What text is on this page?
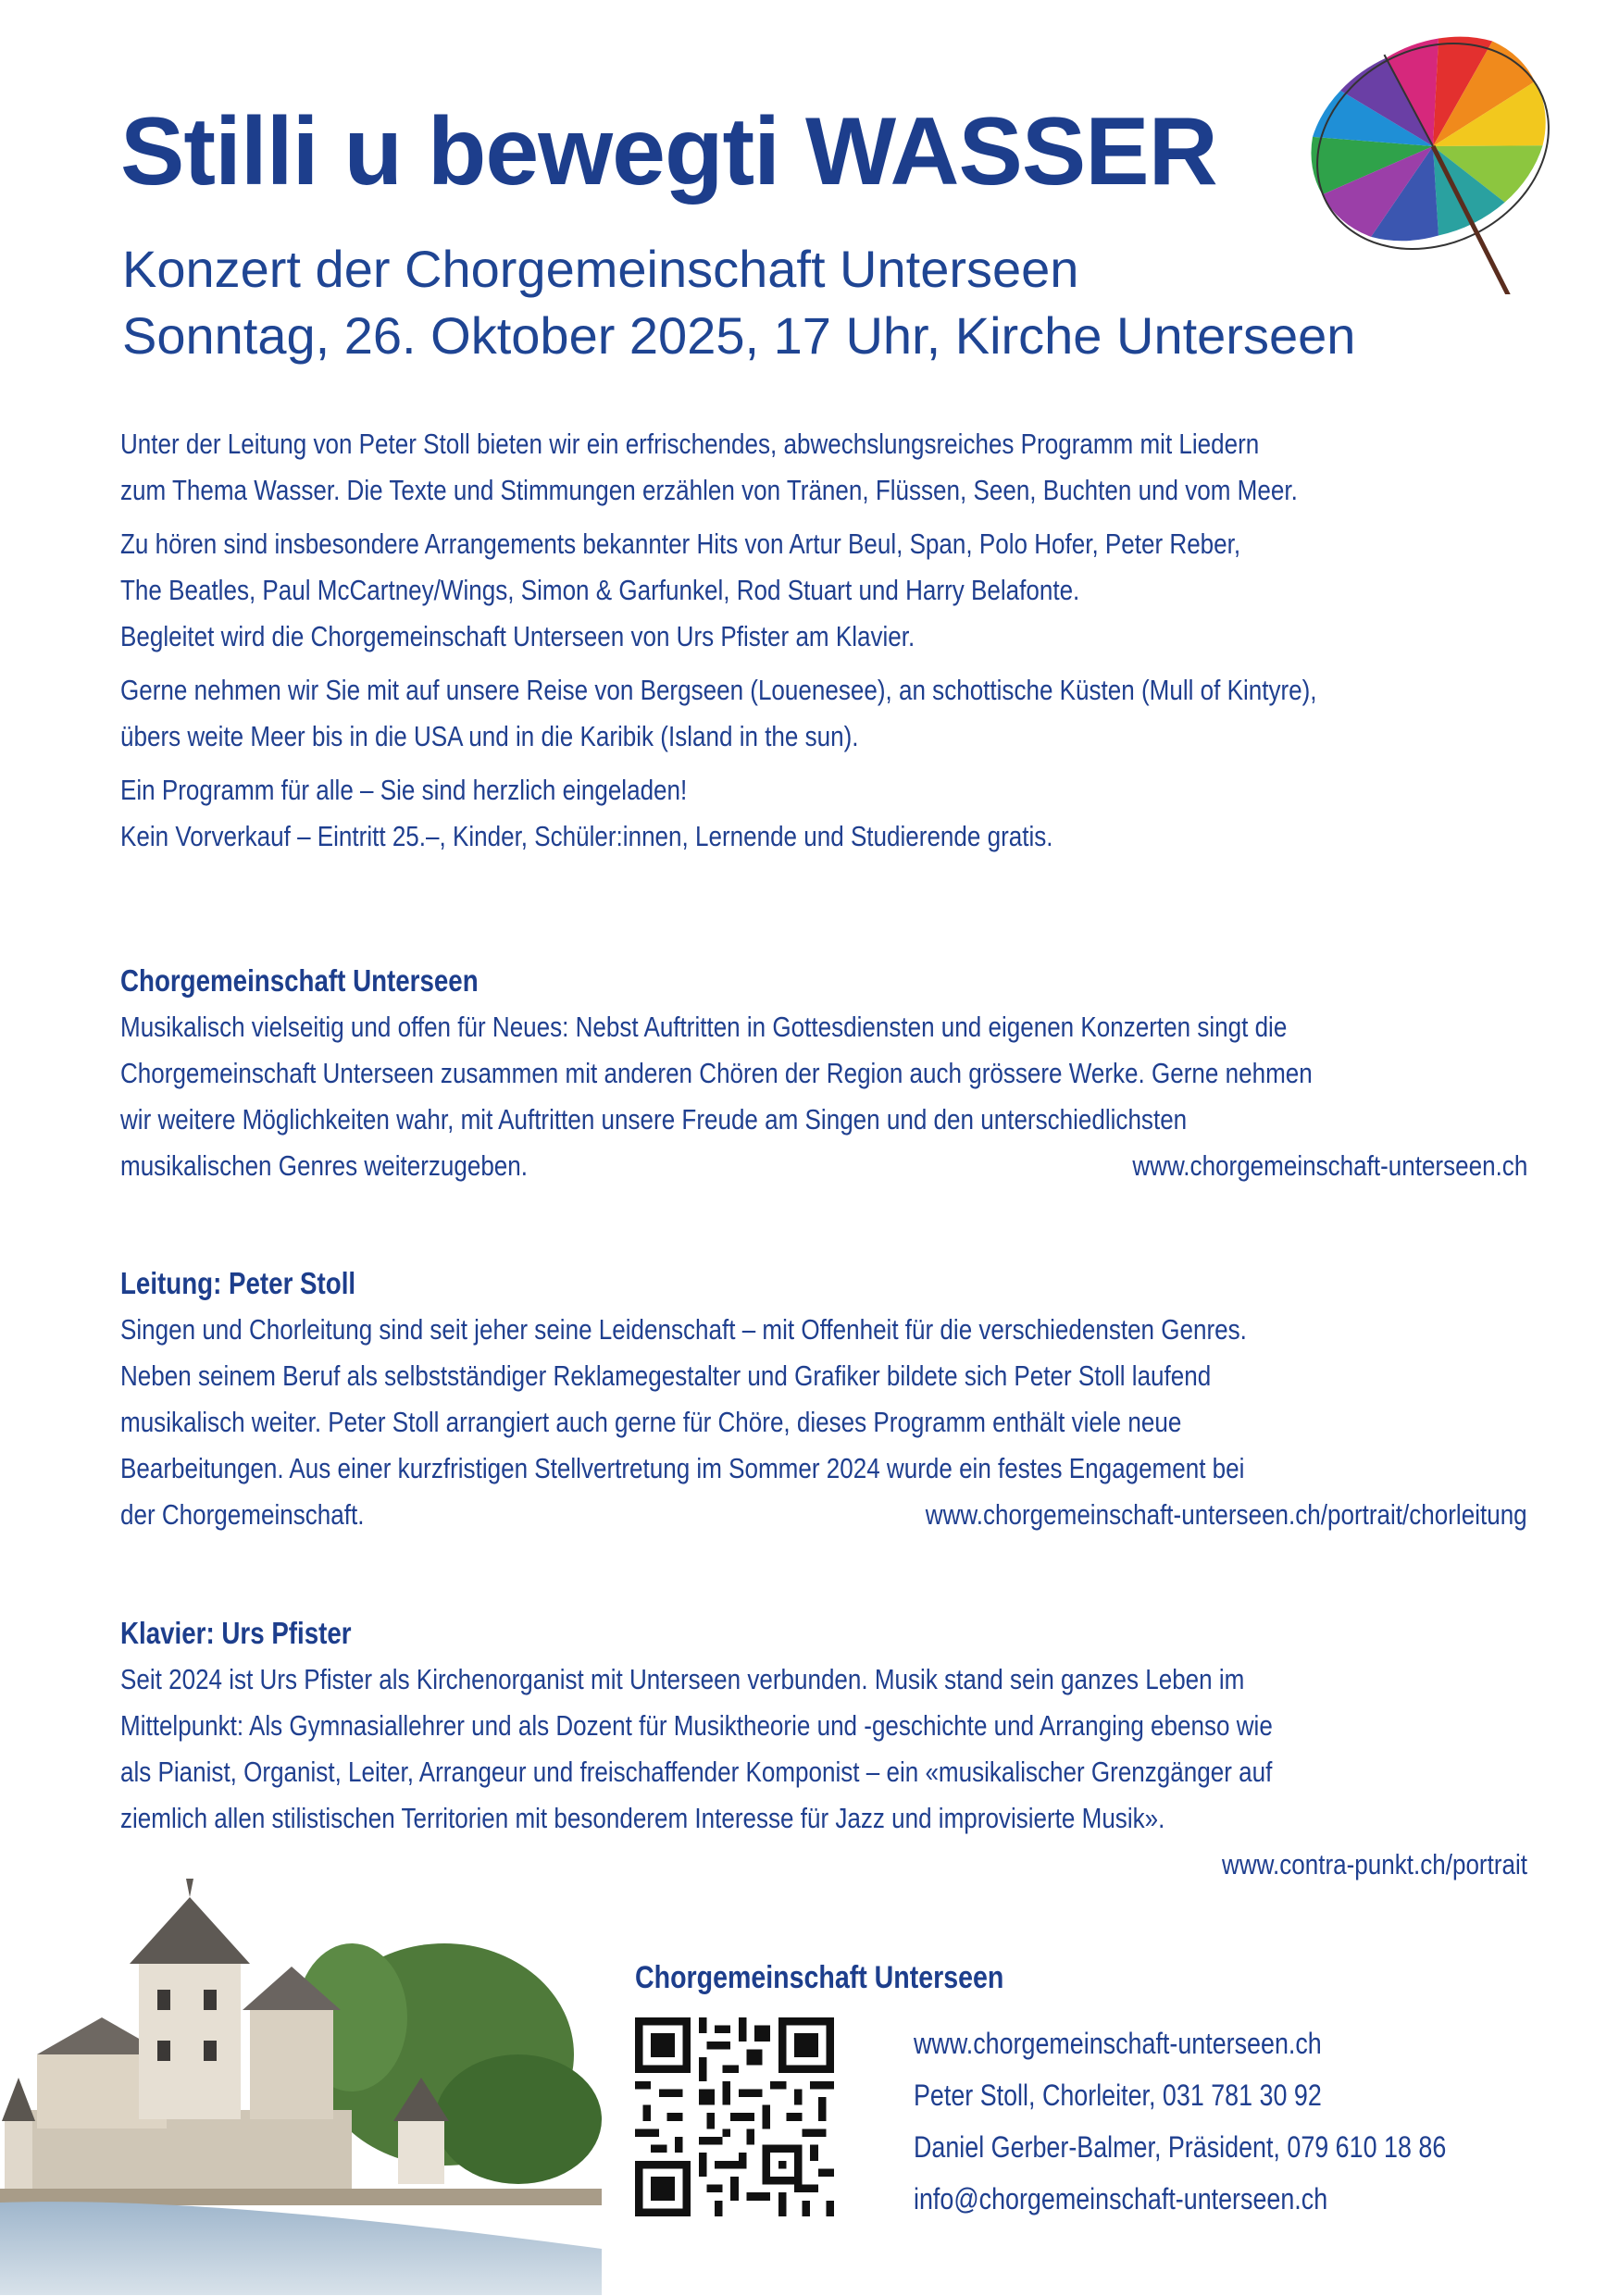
Stilli u bewegti WASSER
Konzert der Chorgemeinschaft Unterseen
Sonntag, 26. Oktober 2025, 17 Uhr, Kirche Unterseen

Unter der Leitung von Peter Stoll bieten wir ein erfrischendes, abwechslungsreiches Programm mit Liedern
zum Thema Wasser. Die Texte und Stimmungen erzählen von Tränen, Flüssen, Seen, Buchten und vom Meer.

Zu hören sind insbesondere Arrangements bekannter Hits von Artur Beul, Span, Polo Hofer, Peter Reber,
The Beatles, Paul McCartney/Wings, Simon & Garfunkel, Rod Stuart und Harry Belafonte.
Begleitet wird die Chorgemeinschaft Unterseen von Urs Pfister am Klavier.

Gerne nehmen wir Sie mit auf unsere Reise von Bergseen (Louenesee), an schottische Küsten (Mull of Kintyre),
übers weite Meer bis in die USA und in die Karibik (Island in the sun).

Ein Programm für alle – Sie sind herzlich eingeladen!
Kein Vorverkauf – Eintritt 25.–, Kinder, Schüler:innen, Lernende und Studierende gratis.

Chorgemeinschaft Unterseen
Musikalisch vielseitig und offen für Neues: Nebst Auftritten in Gottesdiensten und eigenen Konzerten singt die
Chorgemeinschaft Unterseen zusammen mit anderen Chören der Region auch grössere Werke. Gerne nehmen
wir weitere Möglichkeiten wahr, mit Auftritten unsere Freude am Singen und den unterschiedlichsten
musikalischen Genres weiterzugeben.	www.chorgemeinschaft-unterseen.ch
Leitung: Peter Stoll
Singen und Chorleitung sind seit jeher seine Leidenschaft – mit Offenheit für die verschiedensten Genres.
Neben seinem Beruf als selbstständiger Reklamegestalter und Grafiker bildete sich Peter Stoll laufend
musikalisch weiter. Peter Stoll arrangiert auch gerne für Chöre, dieses Programm enthält viele neue
Bearbeitungen. Aus einer kurzfristigen Stellvertretung im Sommer 2024 wurde ein festes Engagement bei
der Chorgemeinschaft.	www.chorgemeinschaft-unterseen.ch/portrait/chorleitung
Klavier: Urs Pfister
Seit 2024 ist Urs Pfister als Kirchenorganist mit Unterseen verbunden. Musik stand sein ganzes Leben im
Mittelpunkt: Als Gymnasiallehrer und als Dozent für Musiktheorie und -geschichte und Arranging ebenso wie
als Pianist, Organist, Leiter, Arrangeur und freischaffender Komponist – ein «musikalischer Grenzgänger auf
ziemlich allen stilistischen Territorien mit besonderem Interesse für Jazz und improvisierte Musik».
www.contra-punkt.ch/portrait
Chorgemeinschaft Unterseen
www.chorgemeinschaft-unterseen.ch
Peter Stoll, Chorleiter, 031 781 30 92
Daniel Gerber-Balmer, Präsident, 079 610 18 86
info@chorgemeinschaft-unterseen.ch
